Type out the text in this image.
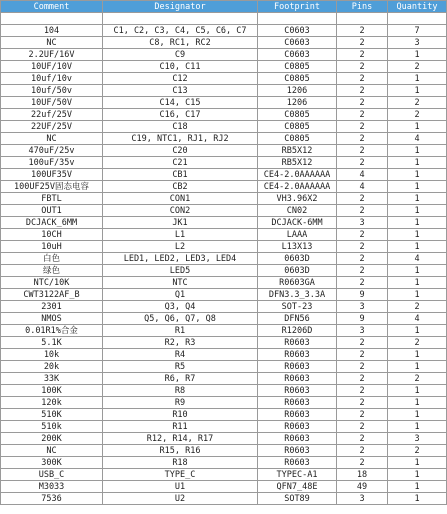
Comment	Designator	Footprint	Pins	Quantity

104	C1, C2, C3, C4, C5, C6, C7	C0603	2	7
NC	C8, RC1, RC2	C0603	2	3
2.2UF/16V	C9	C0603	2	1
10UF/10V	C10, C11	C0805	2	2
10uf/10v	C12	C0805	2	1
10uf/50v	C13	1206	2	1
10UF/50V	C14, C15	1206	2	2
22uf/25V	C16, C17	C0805	2	2
22UF/25V	C18	C0805	2	1
NC	C19, NTC1, RJ1, RJ2	C0805	2	4
470uF/25v	C20	RB5X12	2	1
100uF/35v	C21	RB5X12	2	1
100UF35V	CB1	CE4-2.0AAAAAA	4	1
100UF25V固态电容	CB2	CE4-2.0AAAAAA	4	1
FBTL	CON1	VH3.96X2	2	1
OUT1	CON2	CN02	2	1
DCJACK_6MM	JK1	DCJACK-6MM	3	1
10CH	L1	LAAA	2	1
10uH	L2	L13X13	2	1
白色	LED1, LED2, LED3, LED4	0603D	2	4
绿色	LED5	0603D	2	1
NTC/10K	NTC	R0603GA	2	1
CWT3122AF_B	Q1	DFN3.3_3.3A	9	1
2301	Q3, Q4	SOT-23	3	2
NMOS	Q5, Q6, Q7, Q8	DFN56	9	4
0.01R1%合金	R1	R1206D	3	1
5.1K	R2, R3	R0603	2	2
10k	R4	R0603	2	1
20k	R5	R0603	2	1
33K	R6, R7	R0603	2	2
100K	R8	R0603	2	1
120k	R9	R0603	2	1
510K	R10	R0603	2	1
510k	R11	R0603	2	1
200K	R12, R14, R17	R0603	2	3
NC	R15, R16	R0603	2	2
300K	R18	R0603	2	1
USB_C	TYPE_C	TYPEC-A1	18	1
M3033	U1	QFN7_48E	49	1
7536	U2	SOT89	3	1
